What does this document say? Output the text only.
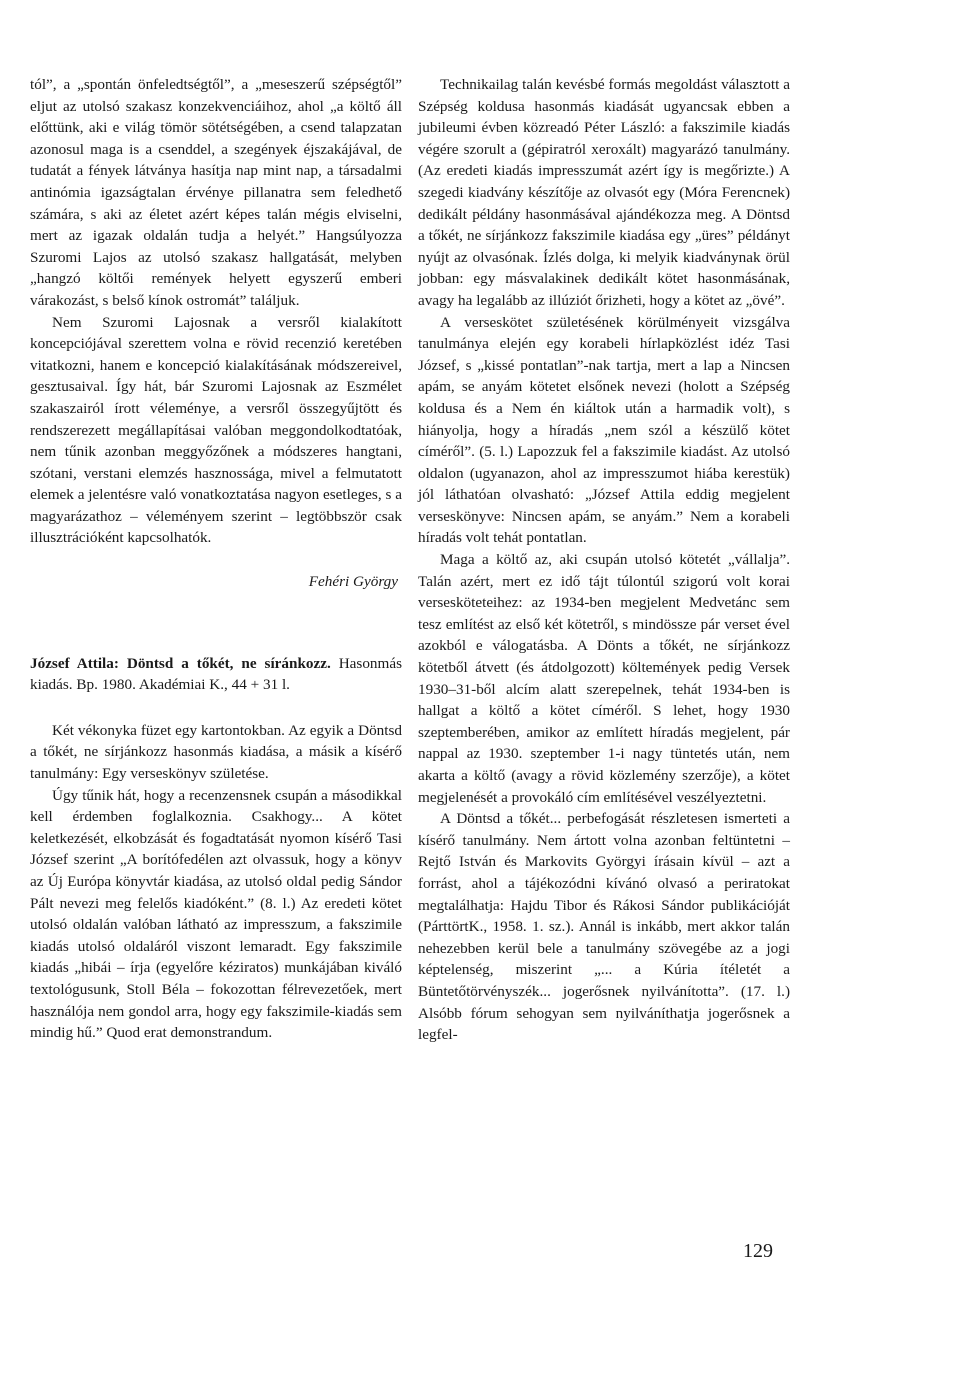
tól”, a „spontán önfeledtségtől”, a „meseszerű szépségtől” eljut az utolsó szakasz konzekvenciáihoz, ahol „a költő áll előttünk, aki e világ tömör sötétségében, a csend talapzatan azonosul maga is a csenddel, a szegények éjszakájával, de tudatát a fények látványa hasítja nap mint nap, a társadalmi antinómia igazságtalan érvénye pillanatra sem feledhető számára, s aki az életet azért képes talán mégis elviselni, mert az igazak oldalán tudja a helyét.” Hangsúlyozza Szuromi Lajos az utolsó szakasz hallgatását, melyben „hangzó költői remények helyett egyszerű emberi várakozást, s belső kínok ostromát” találjuk.

Nem Szuromi Lajosnak a versről kialakított koncepciójával szerettem volna e rövid recenzió keretében vitatkozni, hanem e koncepció kialakításának módszereivel, gesztusaival. Így hát, bár Szuromi Lajosnak az Eszmélet szakaszairól írott véleménye, a versről összegyűjtött és rendszerezett megállapításai valóban meggondolkodtatóak, nem tűnik azonban meggyőzőnek a módszeres hangtani, szótani, verstani elemzés hasznossága, mivel a felmutatott elemek a jelentésre való vonatkoztatása nagyon esetleges, s a magyarázathoz – véleményem szerint – legtöbbször csak illusztrációként kapcsolhatók.

Fehéri György

József Attila: Döntsd a tőkét, ne síránkozz. Hasonmás kiadás. Bp. 1980. Akadémiai K., 44 + 31 l.

Két vékonyka füzet egy kartontokban. Az egyik a Döntsd a tőkét, ne sírjánkozz hasonmás kiadása, a másik a kísérő tanulmány: Egy verseskönyv születése.

Úgy tűnik hát, hogy a recenzensnek csupán a másodikkal kell érdemben foglalkoznia. Csakhogy... A kötet keletkezését, elkobzását és fogadtatását nyomon kísérő Tasi József szerint „A borítófedélen azt olvassuk, hogy a könyv az Új Európa könyvtár kiadása, az utolsó oldal pedig Sándor Pált nevezi meg felelős kiadóként.” (8. l.) Az eredeti kötet utolsó oldalán valóban látható az impresszum, a fakszimile kiadás utolsó oldaláról viszont lemaradt. Egy fakszimile kiadás „hibái – írja (egyelőre kéziratos) munkájában kiváló textológusunk, Stoll Béla – fokozottan félrevezetőek, mert használója nem gondol arra, hogy egy fakszimile-kiadás sem mindig hű.” Quod erat demonstrandum.

Technikailag talán kevésbé formás megoldást választott a Szépség koldusa hasonmás kiadását ugyancsak ebben a jubileumi évben közreadó Péter László: a fakszimile kiadás végére szorult a (gépiratról xeroxált) magyarázó tanulmány. (Az eredeti kiadás impresszumát azért így is megőrizte.) A szegedi kiadvány készítője az olvasót egy (Móra Ferencnek) dedikált példány hasonmásával ajándékozza meg. A Döntsd a tőkét, ne sírjánkozz fakszimile kiadása egy „üres” példányt nyújt az olvasónak. Ízlés dolga, ki melyik kiadványnak örül jobban: egy másvalakinek dedikált kötet hasonmásának, avagy ha legalább az illúziót őrizheti, hogy a kötet az „övé”.

A verseskötet születésének körülményeit vizsgálva tanulmánya elején egy korabeli hírlapközlést idéz Tasi József, s „kissé pontatlan”-nak tartja, mert a lap a Nincsen apám, se anyám kötetet elsőnek nevezi (holott a Szépség koldusa és a Nem én kiáltok után a harmadik volt), s hiányolja, hogy a híradás „nem szól a készülő kötet címéről”. (5. l.) Lapozzuk fel a fakszimile kiadást. Az utolsó oldalon (ugyanazon, ahol az impresszumot hiába kerestük) jól láthatóan olvasható: „József Attila eddig megjelent verseskönyve: Nincsen apám, se anyám.” Nem a korabeli híradás volt tehát pontatlan.

Maga a költő az, aki csupán utolsó kötetét „vállalja”. Talán azért, mert ez idő tájt túlontúl szigorú volt korai versesköteteihez: az 1934-ben megjelent Medvetánc sem tesz említést az első két kötetről, s mindössze pár verset ével azokból e válogatásba. A Dönts a tőkét, ne sírjánkozz kötetből átvett (és átdolgozott) költemények pedig Versek 1930–31-ből alcím alatt szerepelnek, tehát 1934-ben is hallgat a költő a kötet címéről. S lehet, hogy 1930 szeptemberében, amikor az említett híradás megjelent, pár nappal az 1930. szeptember 1-i nagy tüntetés után, nem akarta a költő (avagy a rövid közlemény szerzője), a kötet megjelenését a provokáló cím említésével veszélyeztetni.

A Döntsd a tőkét... perbefogását részletesen ismerteti a kísérő tanulmány. Nem ártott volna azonban feltüntetni – Rejtő István és Markovits Györgyi írásain kívül – azt a forrást, ahol a tájékozódni kívánó olvasó a periratokat megtalálhatja: Hajdu Tibor és Rákosi Sándor publikációját (PárttörtK., 1958. 1. sz.). Annál is inkább, mert akkor talán nehezebben kerül bele a tanulmány szövegébe az a jogi képtelenség, miszerint „... a Kúria ítéletét a Büntetőtörvényszék... jogerősnek nyilvánította”. (17. l.) Alsóbb fórum sehogyan sem nyilváníthatja jogerősnek a legfel-

129
